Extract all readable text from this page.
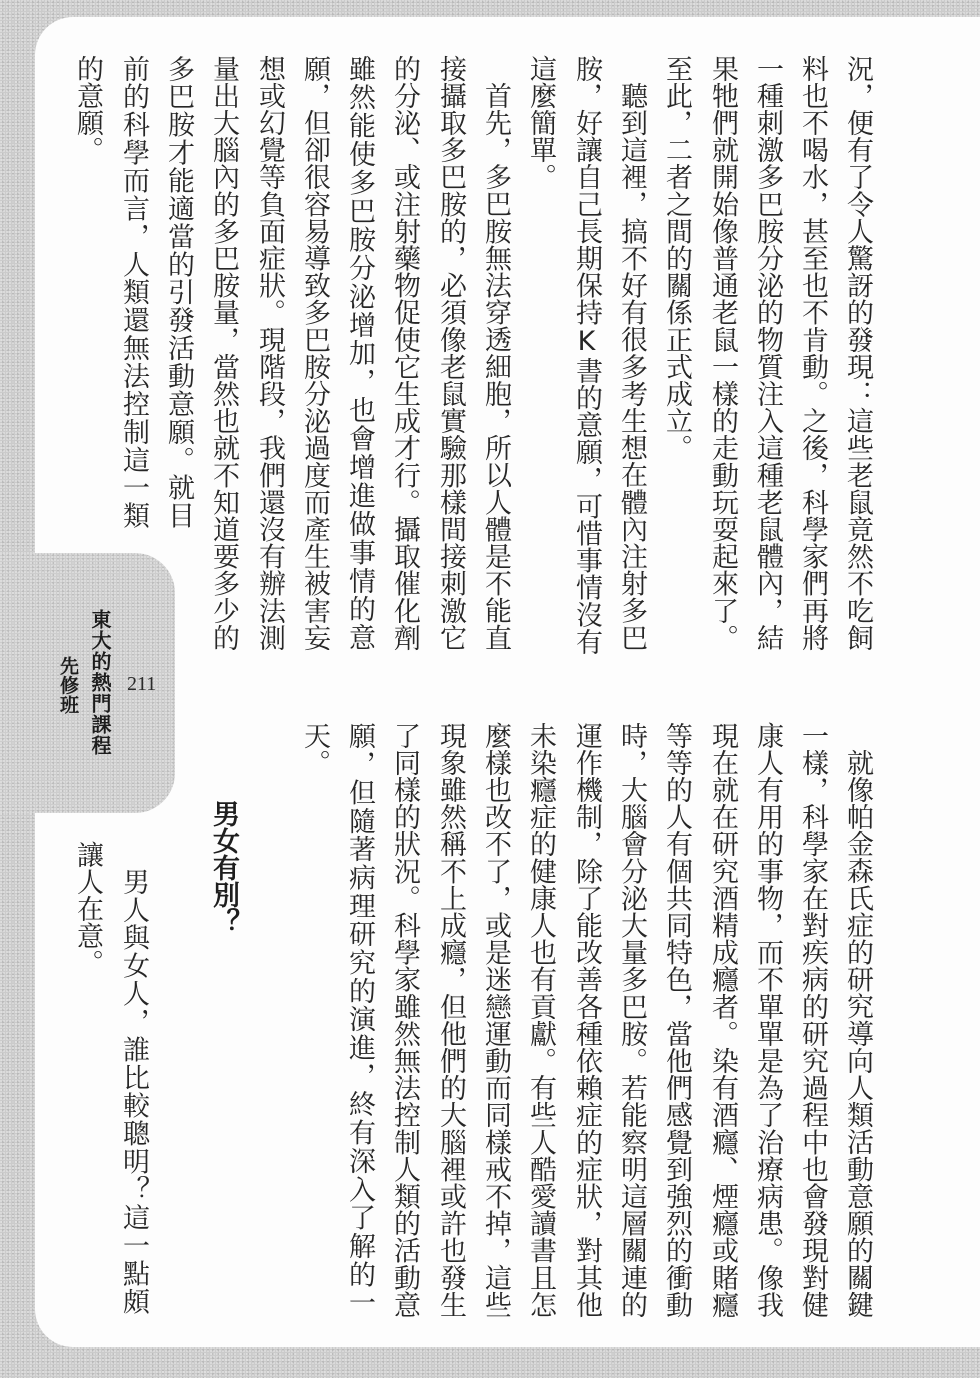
東大的熱門課程
先修班 211
況，便有了令人驚訝的發現：這些老鼠竟然不吃飼
料也不喝水，甚至也不肯動。之後，科學家們再將
一種刺激多巴胺分泌的物質注入這種老鼠體內，結
果牠們就開始像普通老鼠一樣的走動玩耍起來了。
至此，二者之間的關係正式成立。
聽到這裡，搞不好有很多考生想在體內注射多巴
胺，好讓自己長期保持K書的意願，可惜事情沒有
這麼簡單。
首先，多巴胺無法穿透細胞，所以人體是不能直
接攝取多巴胺的，必須像老鼠實驗那樣間接刺激它
的分泌、或注射藥物促使它生成才行。攝取催化劑
雖然能使多巴胺分泌增加，也會增進做事情的意
願，但卻很容易導致多巴胺分泌過度而產生被害妄
想或幻覺等負面症狀。現階段，我們還沒有辦法測
量出大腦內的多巴胺量，當然也就不知道要多少的
多巴胺才能適當的引發活動意願。就目
前的科學而言，人類還無法控制這一類
的意願。
就像帕金森氏症的研究導向人類活動意願的關鍵
一樣，科學家在對疾病的研究過程中也會發現對健
康人有用的事物，而不單單是為了治療病患。像我
現在就在研究酒精成癮者。染有酒癮、煙癮或賭癮
等等的人有個共同特色，當他們感覺到強烈的衝動
時，大腦會分泌大量多巴胺。若能察明這層關連的
運作機制，除了能改善各種依賴症的症狀，對其他
未染癮症的健康人也有貢獻。有些人酷愛讀書且怎
麼樣也改不了，或是迷戀運動而同樣戒不掉，這些
現象雖然稱不上成癮，但他們的大腦裡或許也發生
了同樣的狀況。科學家雖然無法控制人類的活動意
願，但隨著病理研究的演進，終有深入了解的一
天。
男女有別？
男人與女人，誰比較聰明？這一點頗
讓人在意。
